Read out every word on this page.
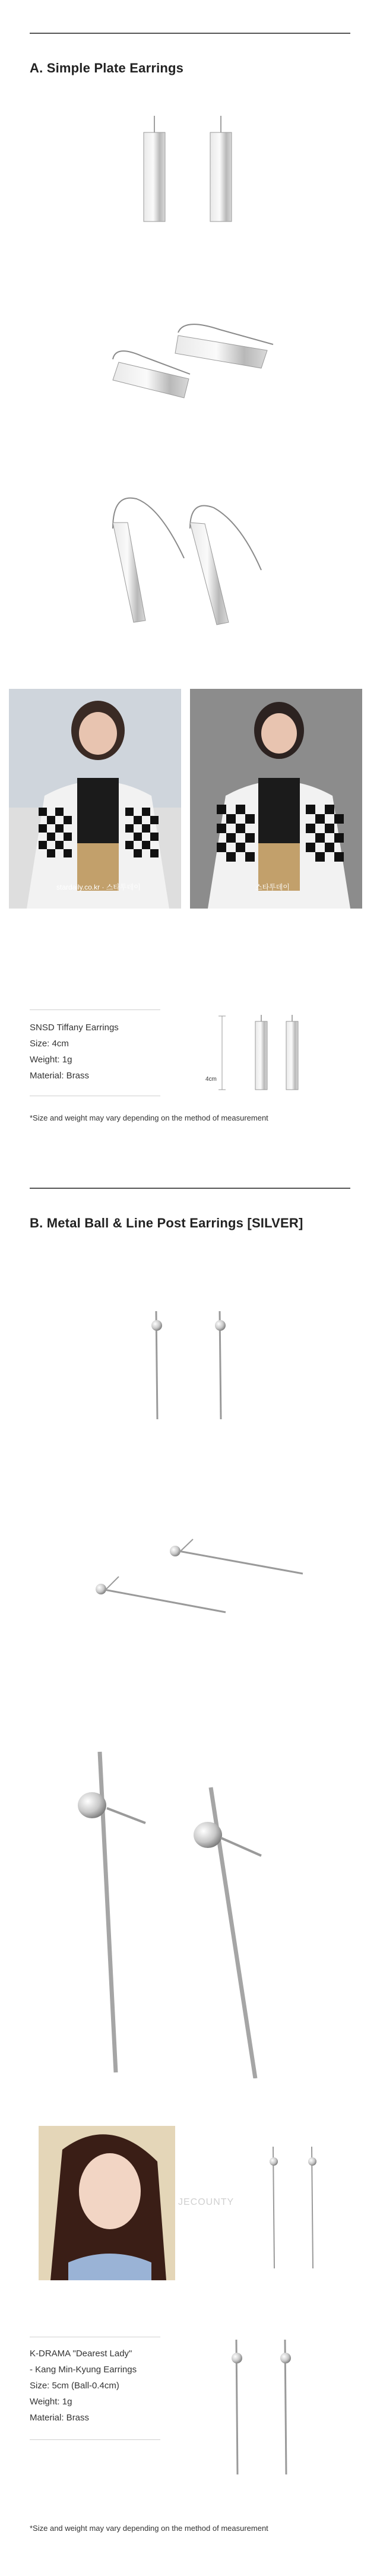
A. Simple Plate Earrings
stardaily.co.kr · 스타투데이	스타투데이
SNSD Tiffany Earrings
Size: 4cm
Weight: 1g
Material: Brass	4cm
*Size and weight may vary depending on the method of measurement
B. Metal Ball & Line Post Earrings [SILVER]
JECOUNTY
K-DRAMA "Dearest Lady"
- Kang Min-Kyung Earrings
Size: 5cm (Ball-0.4cm)
Weight: 1g
Material: Brass
*Size and weight may vary depending on the method of measurement
